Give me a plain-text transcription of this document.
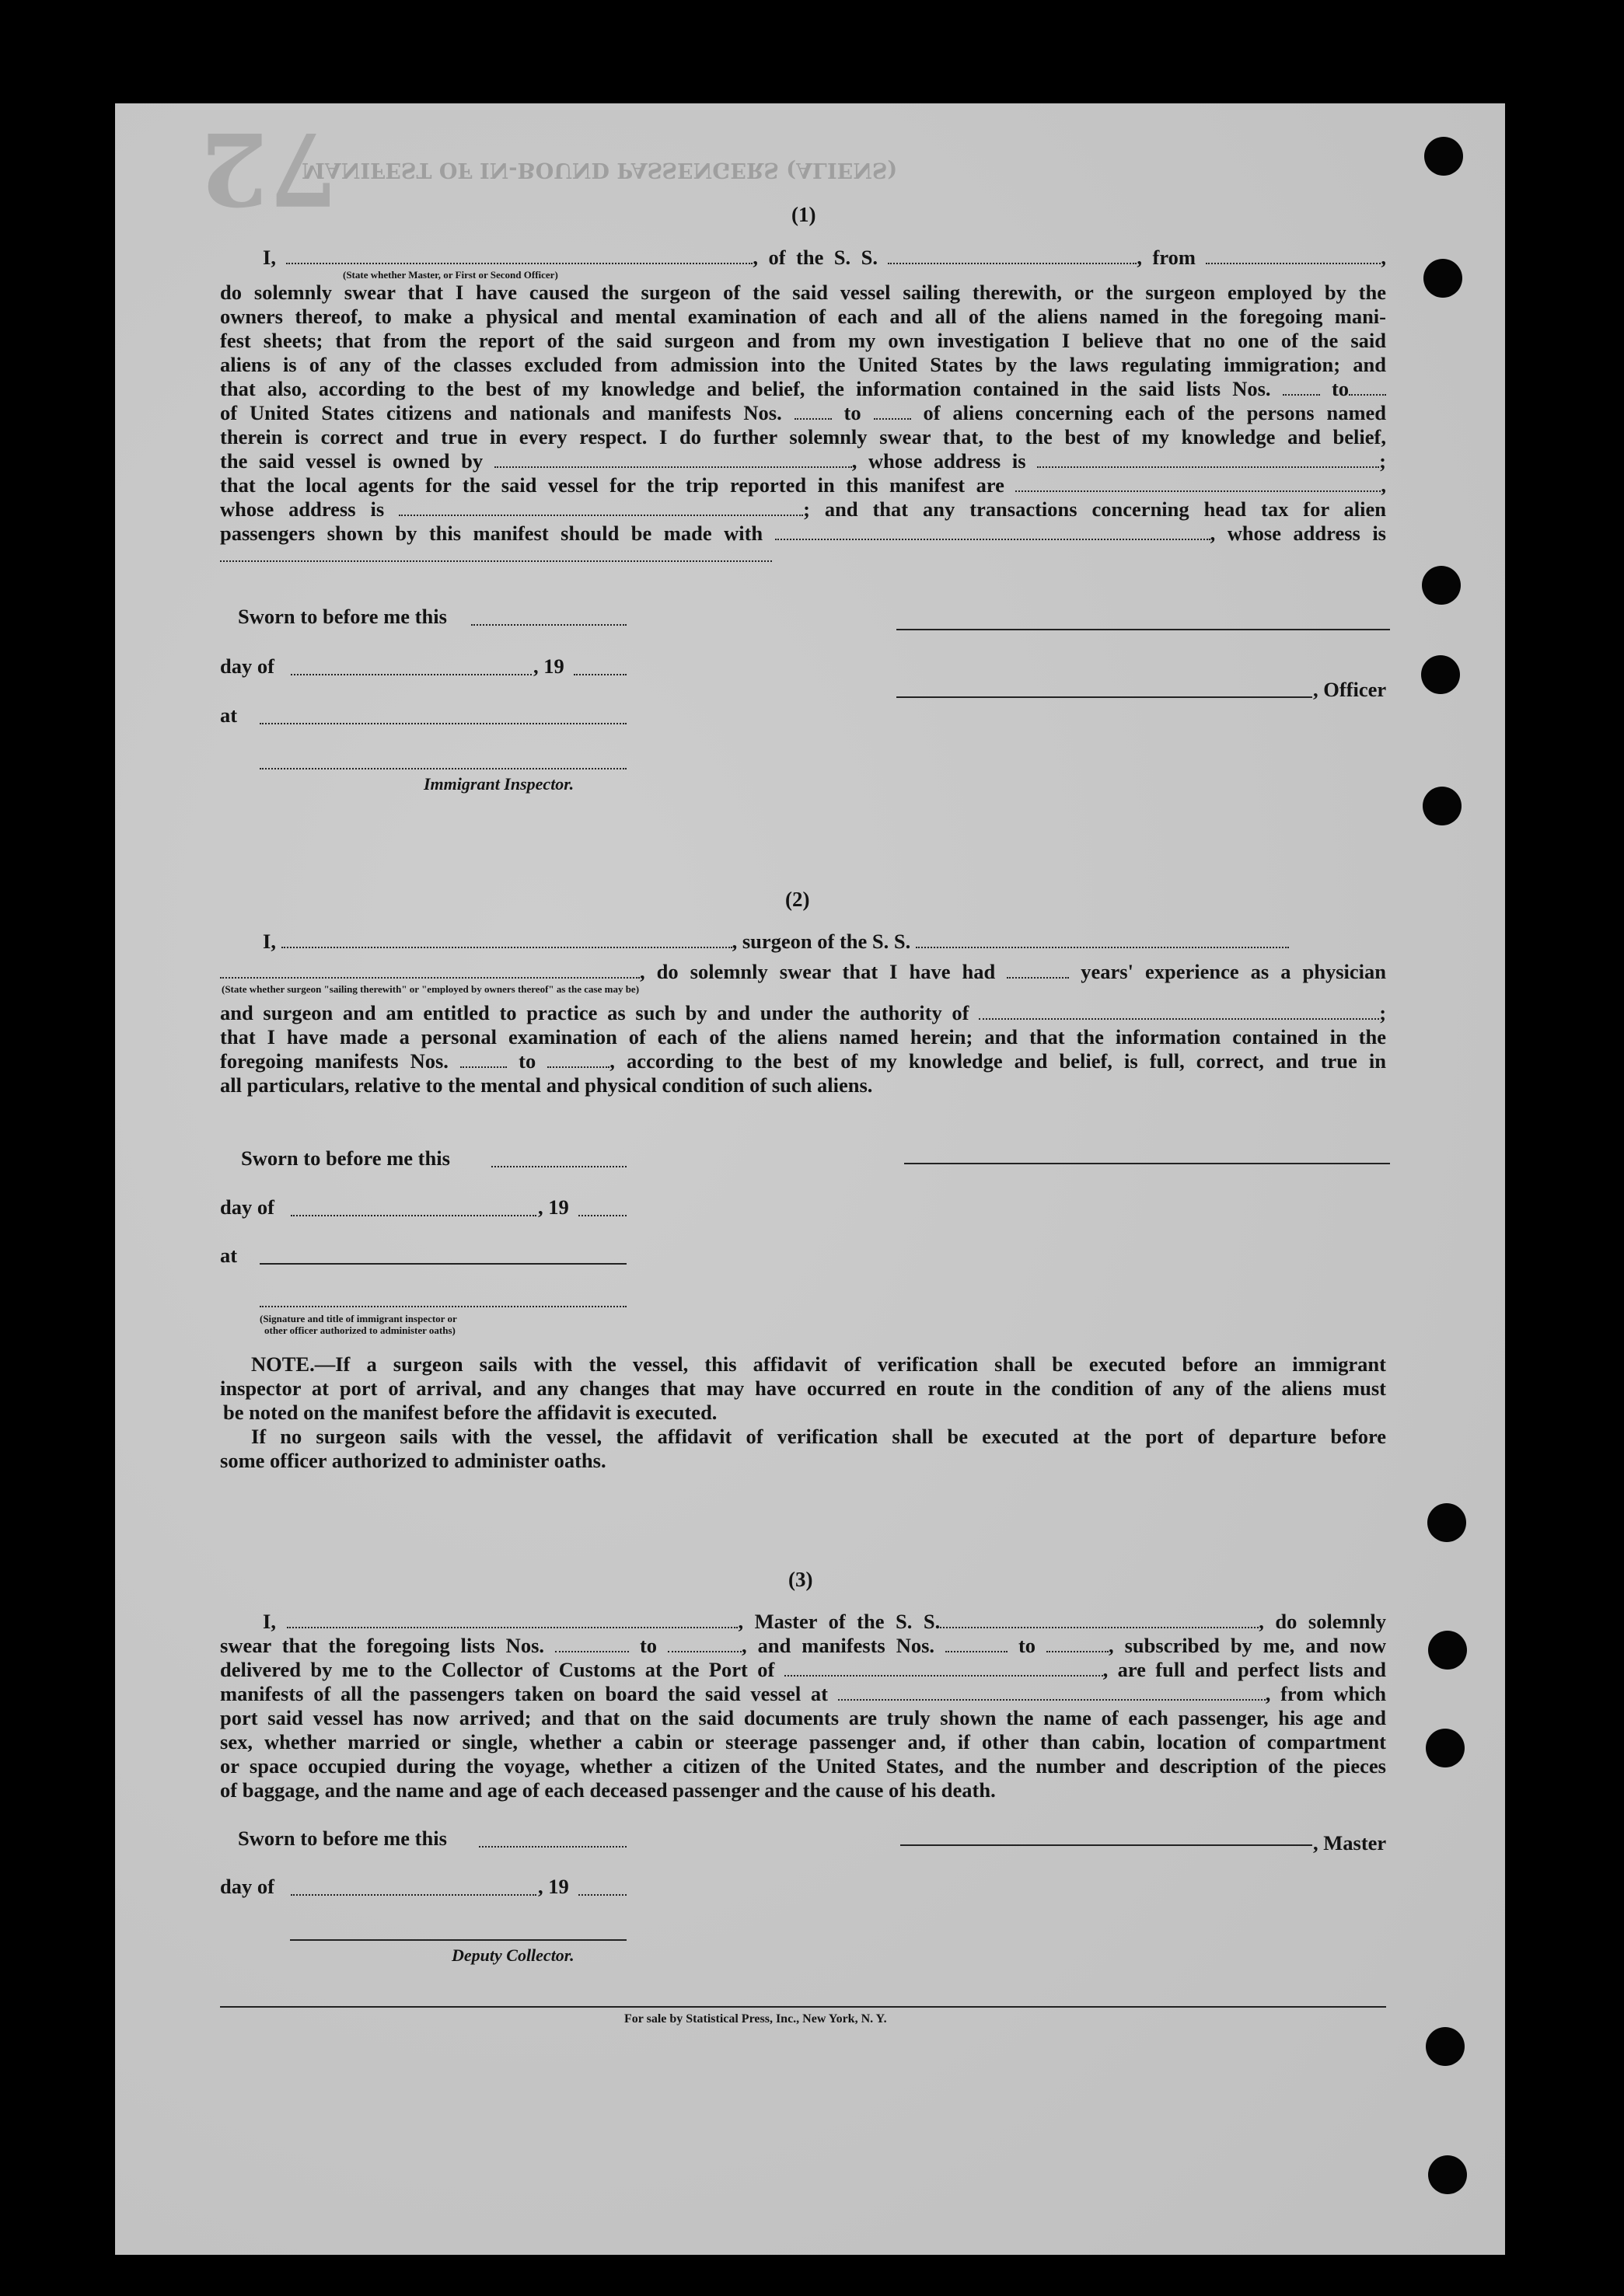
72
MANIFEST OF IN-BOUND PASSENGERS (ALIENS)
(1)
I,	, of the S. S.	, from	,
(State whether Master, or First or Second Officer)
do solemnly swear that I have caused the surgeon of the said vessel sailing therewith, or the surgeon employed by the
owners thereof, to make a physical and mental examination of each and all of the aliens named in the foregoing mani-
fest sheets; that from the report of the said surgeon and from my own investigation I believe that no one of the said
aliens is of any of the classes excluded from admission into the United States by the laws regulating immigration; and
that also, according to the best of my knowledge and belief, the information contained in the said lists Nos.	to
of United States citizens and nationals and manifests Nos.	to	of aliens concerning each of the persons named
therein is correct and true in every respect. I do further solemnly swear that, to the best of my knowledge and belief,
the said vessel is owned by	, whose address is	;
that the local agents for the said vessel for the trip reported in this manifest are	,
whose address is	; and that any transactions concerning head tax for alien
passengers shown by this manifest should be made with	, whose address is
Sworn to before me this
day of	, 19
at
Immigrant Inspector.
, Officer
(2)
I,	, surgeon of the S. S.
, do solemnly swear that I have had	years' experience as a physician
(State whether surgeon "sailing therewith" or "employed by owners thereof" as the case may be)
and surgeon and am entitled to practice as such by and under the authority of	;
that I have made a personal examination of each of the aliens named herein; and that the information contained in the
foregoing manifests Nos.	to	, according to the best of my knowledge and belief, is full, correct, and true in
all particulars, relative to the mental and physical condition of such aliens.
Sworn to before me this
day of	, 19
at
(Signature and title of immigrant inspector or
other officer authorized to administer oaths)
NOTE.—If a surgeon sails with the vessel, this affidavit of verification shall be executed before an immigrant
inspector at port of arrival, and any changes that may have occurred en route in the condition of any of the aliens must
be noted on the manifest before the affidavit is executed.
If no surgeon sails with the vessel, the affidavit of verification shall be executed at the port of departure before
some officer authorized to administer oaths.
(3)
I,	, Master of the S. S.	, do solemnly
swear that the foregoing lists Nos.	to	, and manifests Nos.	to	, subscribed by me, and now
delivered by me to the Collector of Customs at the Port of	, are full and perfect lists and
manifests of all the passengers taken on board the said vessel at	, from which
port said vessel has now arrived; and that on the said documents are truly shown the name of each passenger, his age and
sex, whether married or single, whether a cabin or steerage passenger and, if other than cabin, location of compartment
or space occupied during the voyage, whether a citizen of the United States, and the number and description of the pieces
of baggage, and the name and age of each deceased passenger and the cause of his death.
Sworn to before me this	, Master
day of	, 19
Deputy Collector.
For sale by Statistical Press, Inc., New York, N. Y.
